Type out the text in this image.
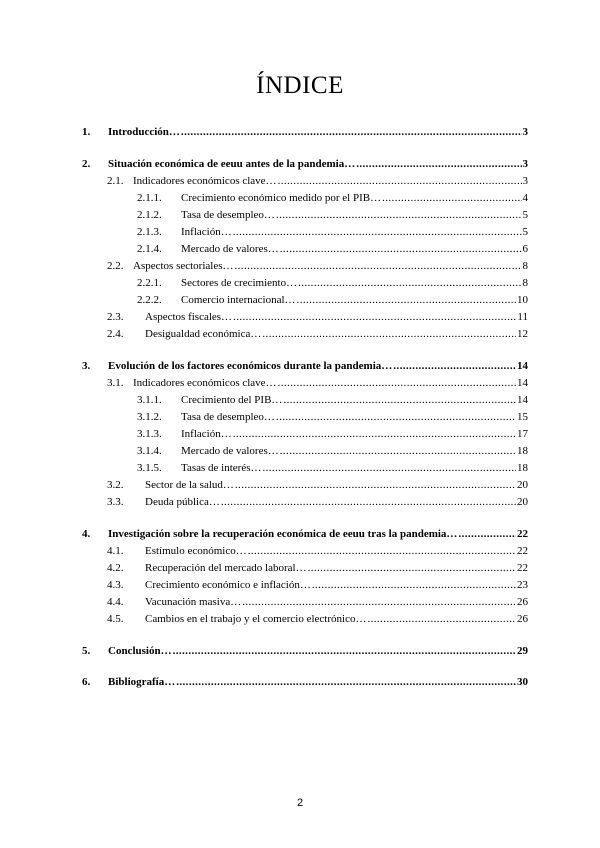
ÍNDICE
1. Introducción… .....	3
2. Situación económica de eeuu antes de la pandemia… .....	3
2.1. Indicadores económicos clave… .....	3
2.1.1. Crecimiento económico medido por el PIB… .....	4
2.1.2. Tasa de desempleo… .....	5
2.1.3. Inflación… .....	5
2.1.4. Mercado de valores… .....	6
2.2. Aspectos sectoriales… .....	8
2.2.1. Sectores de crecimiento… .....	8
2.2.2. Comercio internacional… .....	10
2.3. Aspectos fiscales… .....	11
2.4. Desigualdad económica… .....	12
3. Evolución de los factores económicos durante la pandemia… .....	14
3.1. Indicadores económicos clave… .....	14
3.1.1. Crecimiento del PIB… .....	14
3.1.2. Tasa de desempleo… .....	15
3.1.3. Inflación… .....	17
3.1.4. Mercado de valores… .....	18
3.1.5. Tasas de interés… .....	18
3.2. Sector de la salud… .....	20
3.3. Deuda pública… .....	20
4. Investigación sobre la recuperación económica de eeuu tras la pandemia… .....	22
4.1. Estímulo económico… .....	22
4.2. Recuperación del mercado laboral… .....	22
4.3. Crecimiento económico e inflación… .....	23
4.4. Vacunación masiva… .....	26
4.5. Cambios en el trabajo y el comercio electrónico… .....	26
5. Conclusión… .....	29
6. Bibliografía… .....	30
2
